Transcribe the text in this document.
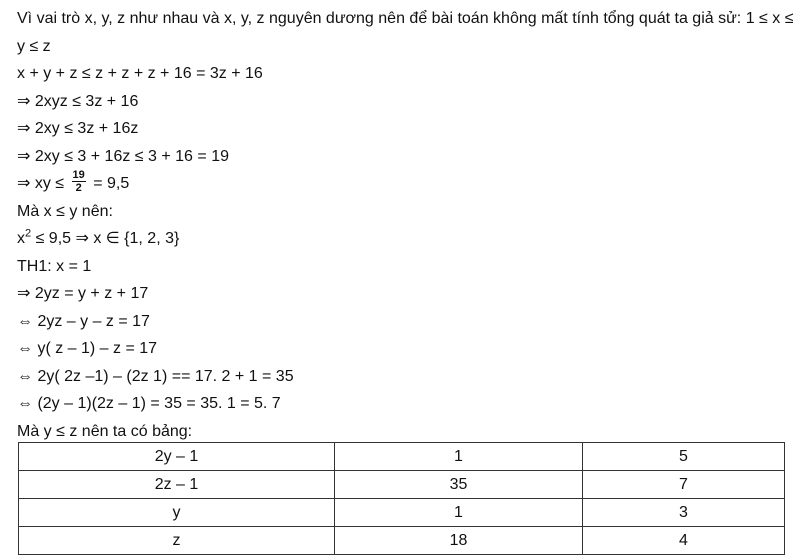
Vì vai trò x, y, z như nhau và x, y, z nguyên dương nên để bài toán không mất tính tổng quát ta giả sử: 1 ≤ x ≤ y ≤ z
x + y + z ≤ z + z + z + 16 = 3z + 16
⇒ 2xyz ≤ 3z + 16
⇒ 2xy ≤ 3z + 16z
⇒ 2xy ≤ 3 + 16z ≤ 3 + 16 = 19
⇒ xy ≤ $\frac{19}{2} = 9,5$
Mà x ≤ y nên:
$x^2 \le 9,5$ ⇒ x ∈ {1, 2, 3}
TH1: x = 1
⇒ 2yz = y + z + 17
⇔ 2yz – y – z = 17
⇔ y( z – 1) – z = 17
⇔ 2y( 2z –1) – (2z 1) == 17. 2 + 1 = 35
⇔ (2y – 1)(2z – 1) = 35 = 35. 1 = 5. 7
Mà y ≤ z nên ta có bảng:
2y – 1	1	5
2z – 1	35	7
y	1	3
z	18	4
